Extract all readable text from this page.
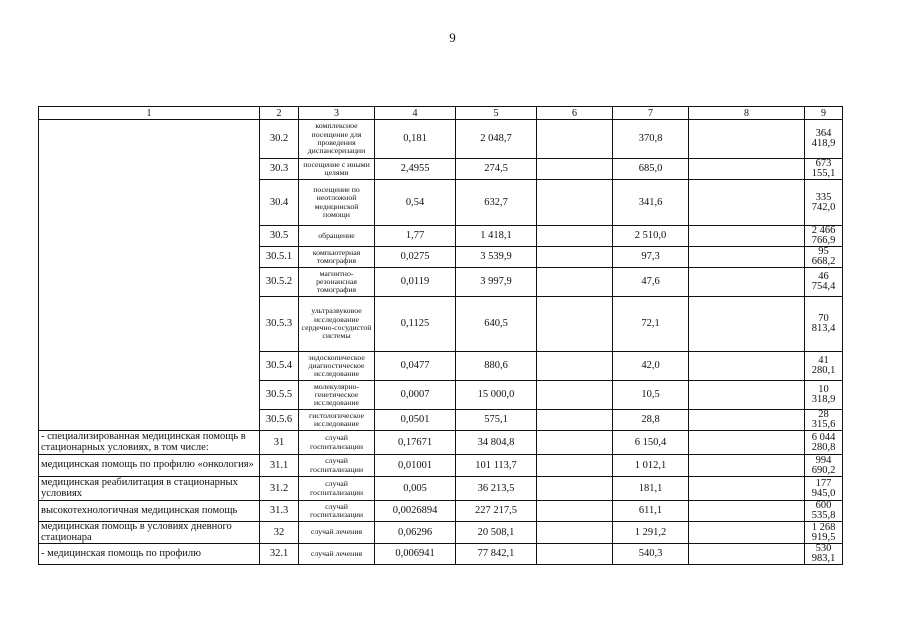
9
1	2	3	4	5	6	7	8	9	
	30.2	комплексное посещение для проведения диспансеризации	0,181	2 048,7		370,8		364 418,9	
	30.3	посещение с иными целями	2,4955	274,5		685,0		673 155,1	
	30.4	посещение по неотложной медицинской помощи	0,54	632,7		341,6		335 742,0	
	30.5	обращение	1,77	1 418,1		2 510,0		2 466 766,9	
	30.5.1	компьютерная томография	0,0275	3 539,9		97,3		95 668,2	
	30.5.2	магнитно-резонансная томография	0,0119	3 997,9		47,6		46 754,4	
	30.5.3	ультразвуковое исследование сердечно-сосудистой системы	0,1125	640,5		72,1		70 813,4	
	30.5.4	эндоскопическое диагностическое исследование	0,0477	880,6		42,0		41 280,1	
	30.5.5	молекулярно-генетическое исследование	0,0007	15 000,0		10,5		10 318,9	
	30.5.6	гистологическое исследование	0,0501	575,1		28,8		28 315,6	
- специализированная медицинская помощь в стационарных условиях, в том числе:	31	случай госпитализации	0,17671	34 804,8		6 150,4		6 044 280,8	
медицинская помощь по профилю «онкология»	31.1	случай госпитализации	0,01001	101 113,7		1 012,1		994 690,2	
медицинская реабилитация в стационарных условиях	31.2	случай госпитализации	0,005	36 213,5		181,1		177 945,0	
высокотехнологичная медицинская помощь	31.3	случай госпитализации	0,0026894	227 217,5		611,1		600 535,8	
медицинская помощь в условиях дневного стационара	32	случай лечения	0,06296	20 508,1		1 291,2		1 268 919,5	
- медицинская помощь по профилю	32.1	случай лечения	0,006941	77 842,1		540,3		530 983,1	
